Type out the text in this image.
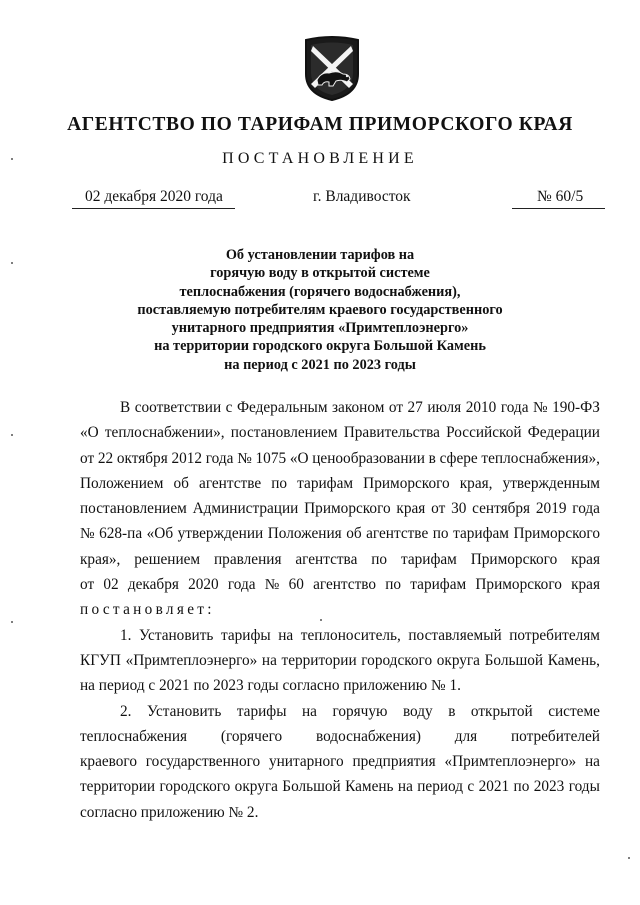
АГЕНТСТВО ПО ТАРИФАМ ПРИМОРСКОГО КРАЯ
ПОСТАНОВЛЕНИЕ
02 декабря 2020 года	г. Владивосток	№ 60/5
Об установлении тарифов на
горячую воду в открытой системе
теплоснабжения (горячего водоснабжения),
поставляемую потребителям краевого государственного
унитарного предприятия «Примтеплоэнерго»
на территории городского округа Большой Камень
на период с 2021 по 2023 годы
В соответствии с Федеральным законом от 27 июля 2010 года № 190-ФЗ
«О теплоснабжении», постановлением Правительства Российской Федерации
от 22 октября 2012 года № 1075 «О ценообразовании в сфере теплоснабжения»,
Положением об агентстве по тарифам Приморского края, утвержденным
постановлением Администрации Приморского края от 30 сентября 2019 года
№ 628-па «Об утверждении Положения об агентстве по тарифам Приморского
края», решением правления агентства по тарифам Приморского края
от 02 декабря 2020 года № 60 агентство по тарифам Приморского края
постановляет:
1. Установить тарифы на теплоноситель, поставляемый потребителям
КГУП «Примтеплоэнерго» на территории городского округа Большой Камень,
на период с 2021 по 2023 годы согласно приложению № 1.
2. Установить тарифы на горячую воду в открытой системе
теплоснабжения (горячего водоснабжения) для потребителей
краевого государственного унитарного предприятия «Примтеплоэнерго» на
территории городского округа Большой Камень на период с 2021 по 2023 годы
согласно приложению № 2.
